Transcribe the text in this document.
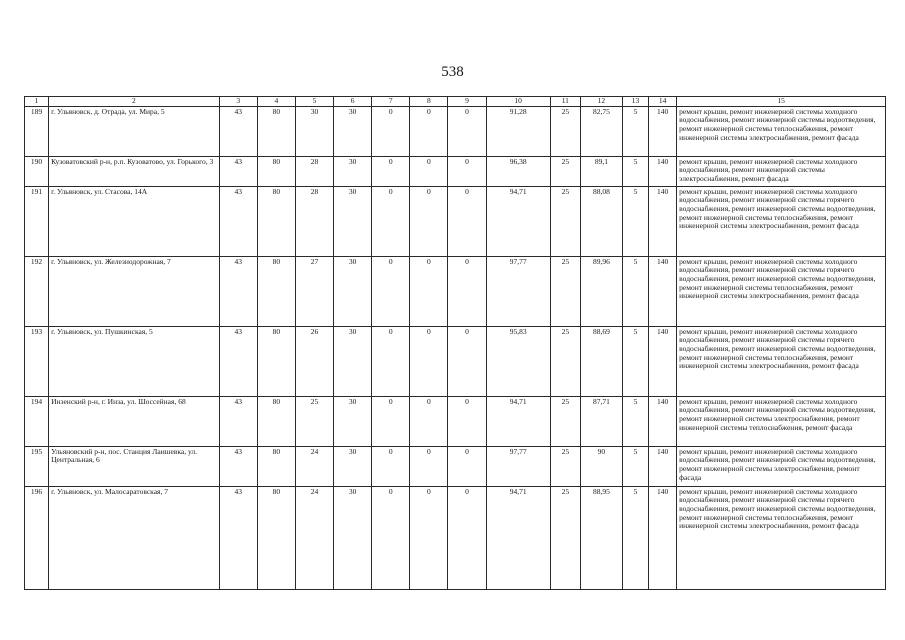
538
1	2	3	4	5	6	7	8	9	10	11	12	13	14	15
189	г. Ульяновск, д. Отрада, ул. Мира, 5	43	80	30	30	0	0	0	91,28	25	82,75	5	140	ремонт крыши, ремонт инженерной системы холодного водоснабжения, ремонт инженерной системы водоотведения, ремонт инженерной системы теплоснабжения, ремонт инженерной системы электроснабжения, ремонт фасада
190	Кузоватовский р-н, р.п. Кузоватово, ул. Горького, 3	43	80	28	30	0	0	0	96,38	25	89,1	5	140	ремонт крыши, ремонт инженерной системы холодного водоснабжения, ремонт инженерной системы электроснабжения, ремонт фасада
191	г. Ульяновск, ул. Стасова, 14А	43	80	28	30	0	0	0	94,71	25	88,08	5	140	ремонт крыши, ремонт инженерной системы холодного водоснабжения, ремонт инженерной системы горячего водоснабжения, ремонт инженерной системы водоотведения, ремонт инженерной системы теплоснабжения, ремонт инженерной системы электроснабжения, ремонт фасада
192	г. Ульяновск, ул. Железнодорожная, 7	43	80	27	30	0	0	0	97,77	25	89,96	5	140	ремонт крыши, ремонт инженерной системы холодного водоснабжения, ремонт инженерной системы горячего водоснабжения, ремонт инженерной системы водоотведения, ремонт инженерной системы теплоснабжения, ремонт инженерной системы электроснабжения, ремонт фасада
193	г. Ульяновск, ул. Пушкинская, 5	43	80	26	30	0	0	0	95,83	25	88,69	5	140	ремонт крыши, ремонт инженерной системы холодного водоснабжения, ремонт инженерной системы горячего водоснабжения, ремонт инженерной системы водоотведения, ремонт инженерной системы теплоснабжения, ремонт инженерной системы электроснабжения, ремонт фасада
194	Инзенский р-н, г. Инза, ул. Шоссейная, 68	43	80	25	30	0	0	0	94,71	25	87,71	5	140	ремонт крыши, ремонт инженерной системы холодного водоснабжения, ремонт инженерной системы водоотведения, ремонт инженерной системы электроснабжения, ремонт инженерной системы теплоснабжения, ремонт фасада
195	Ульяновский р-н, пос. Станция Лаишевка, ул. Центральная, 6	43	80	24	30	0	0	0	97,77	25	90	5	140	ремонт крыши, ремонт инженерной системы холодного водоснабжения, ремонт инженерной системы водоотведения, ремонт инженерной системы электроснабжения, ремонт фасада
196	г. Ульяновск, ул. Малосаратовская, 7	43	80	24	30	0	0	0	94,71	25	88,95	5	140	ремонт крыши, ремонт инженерной системы холодного водоснабжения, ремонт инженерной системы горячего водоснабжения, ремонт инженерной системы водоотведения, ремонт инженерной системы теплоснабжения, ремонт инженерной системы электроснабжения, ремонт фасада
